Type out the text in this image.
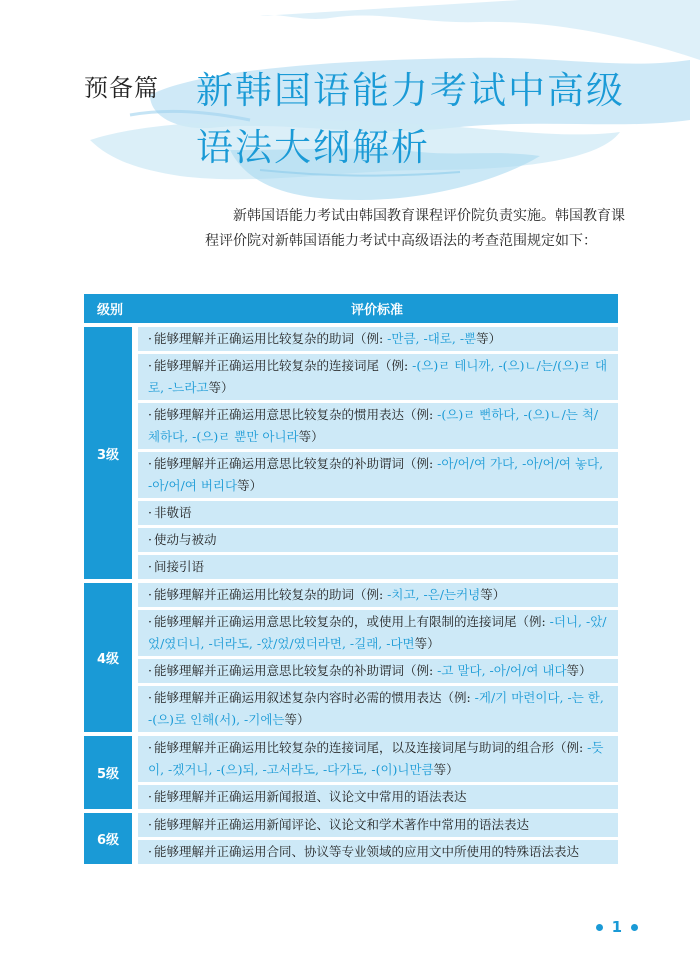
预备篇 新韩国语能力考试中高级
语法大纲解析
新韩国语能力考试由韩国教育课程评价院负责实施。韩国教育课程评价院对新韩国语能力考试中高级语法的考查范围规定如下：
级别	评价标准
3级
· 能够理解并正确运用比较复杂的助词（例: -만큼, -대로, -뿐等）
· 能够理解并正确运用比较复杂的连接词尾（例: -(으)ㄹ 테니까, -(으)ㄴ/는/(으)ㄹ 대로, -느라고等）
· 能够理解并正确运用意思比较复杂的惯用表达（例: -(으)ㄹ 뻔하다, -(으)ㄴ/는 척/체하다, -(으)ㄹ 뿐만 아니라等）
· 能够理解并正确运用意思比较复杂的补助谓词（例: -아/어/여 가다, -아/어/여 놓다, -아/어/여 버리다等）
· 非敬语
· 使动与被动
· 间接引语
4级
· 能够理解并正确运用比较复杂的助词（例: -치고, -은/는커녕等）
· 能够理解并正确运用意思比较复杂的，或使用上有限制的连接词尾（例: -더니, -았/었/였더니, -더라도, -았/었/였더라면, -길래, -다면等）
· 能够理解并正确运用意思比较复杂的补助谓词（例: -고 말다, -아/어/여 내다等）
· 能够理解并正确运用叙述复杂内容时必需的惯用表达（例: -게/기 마련이다, -는 한, -(으)로 인해(서), -기에는等）
5级
· 能够理解并正确运用比较复杂的连接词尾，以及连接词尾与助词的组合形（例: -듯이, -겠거니, -(으)되, -고서라도, -다가도, -(이)니만큼等）
· 能够理解并正确运用新闻报道、议论文中常用的语法表达
6级
· 能够理解并正确运用新闻评论、议论文和学术著作中常用的语法表达
· 能够理解并正确运用合同、协议等专业领域的应用文中所使用的特殊语法表达
1
